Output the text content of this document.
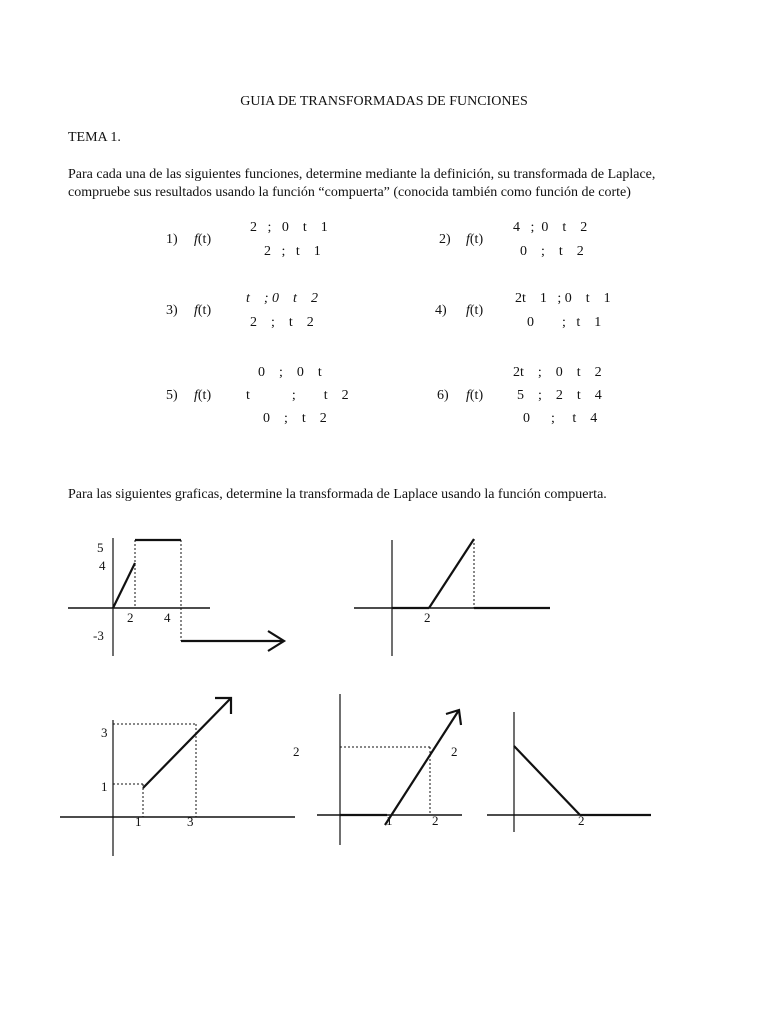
GUIA DE TRANSFORMADAS DE FUNCIONES
TEMA 1.
Para cada una de las siguientes funciones, determine mediante la definición, su transformada de Laplace, compruebe sus resultados usando la función “compuerta” (conocida también como función de corte)
1) f(t)
2   ;   0    t    1
2   ;   t    1
2) f(t)
4   ;  0    t    2
0    ;    t    2
3) f(t)
t    ; 0    t    2
2    ;    t    2
4) f(t)
2t    1   ; 0    t    1
0        ;   t    1
5) f(t)
0    ;    0    t
t            ;        t    2
0    ;    t    2
6) f(t)
2t    ;    0    t    2
5    ;    2    t    4
0      ;     t    4
Para las siguientes graficas, determine la transformada de Laplace usando la función compuerta.
5
4
-3
2 4	2
3
1
1	3
2	2
1	2	2
